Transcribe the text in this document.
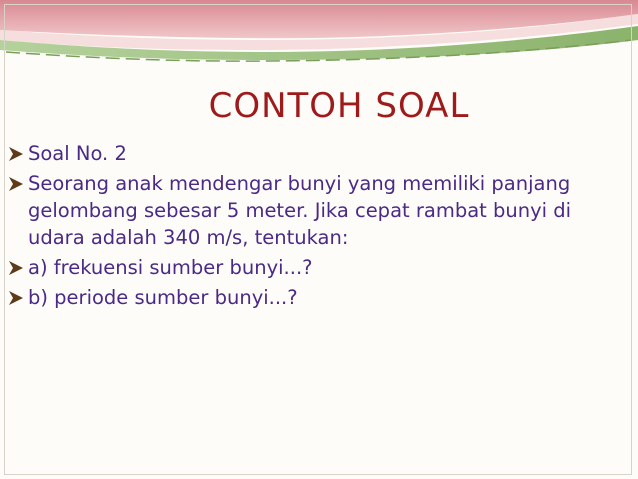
CONTOH SOAL
Soal No. 2
Seorang anak mendengar bunyi yang memiliki panjang gelombang sebesar 5 meter. Jika cepat rambat bunyi di udara adalah 340 m/s, tentukan:
a) frekuensi sumber bunyi...?
b) periode sumber bunyi...?
